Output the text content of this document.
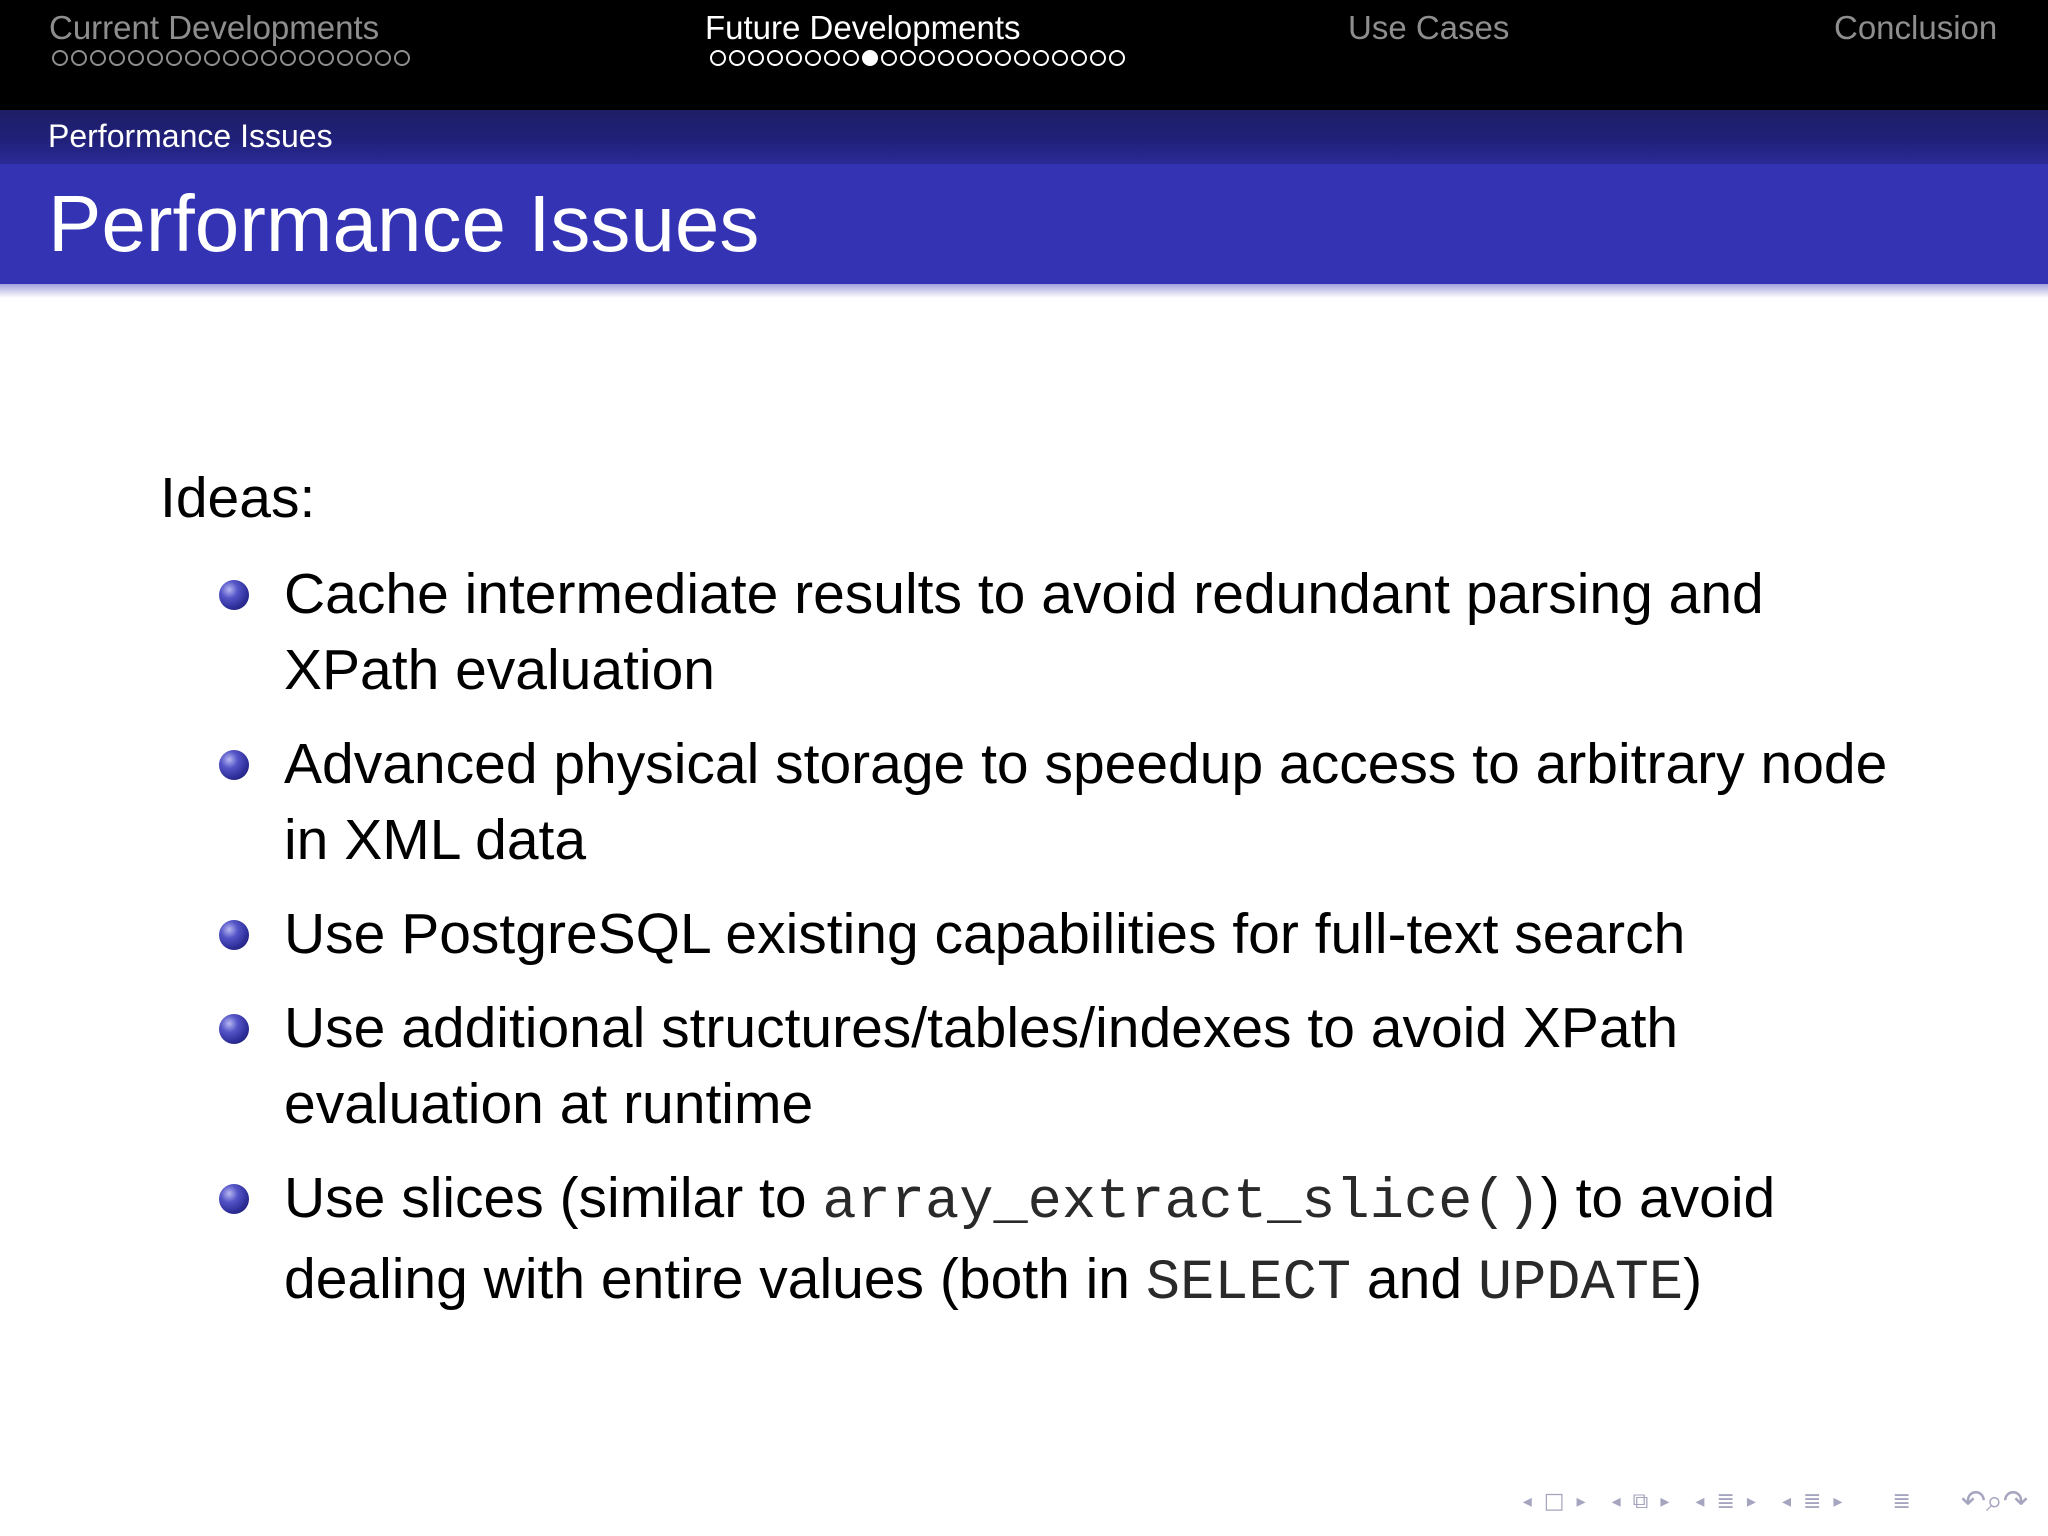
Current Developments	Future Developments	Use Cases	Conclusion
Performance Issues
Performance Issues
Ideas:
Cache intermediate results to avoid redundant parsing and XPath evaluation
Advanced physical storage to speedup access to arbitrary node in XML data
Use PostgreSQL existing capabilities for full-text search
Use additional structures/tables/indexes to avoid XPath evaluation at runtime
Use slices (similar to array_extract_slice()) to avoid dealing with entire values (both in SELECT and UPDATE)
◂ □ ▸ ◂ ⧉ ▸ ◂ ≣ ▸ ◂ ≣ ▸ ≣ ↶ ⌕ ↷
